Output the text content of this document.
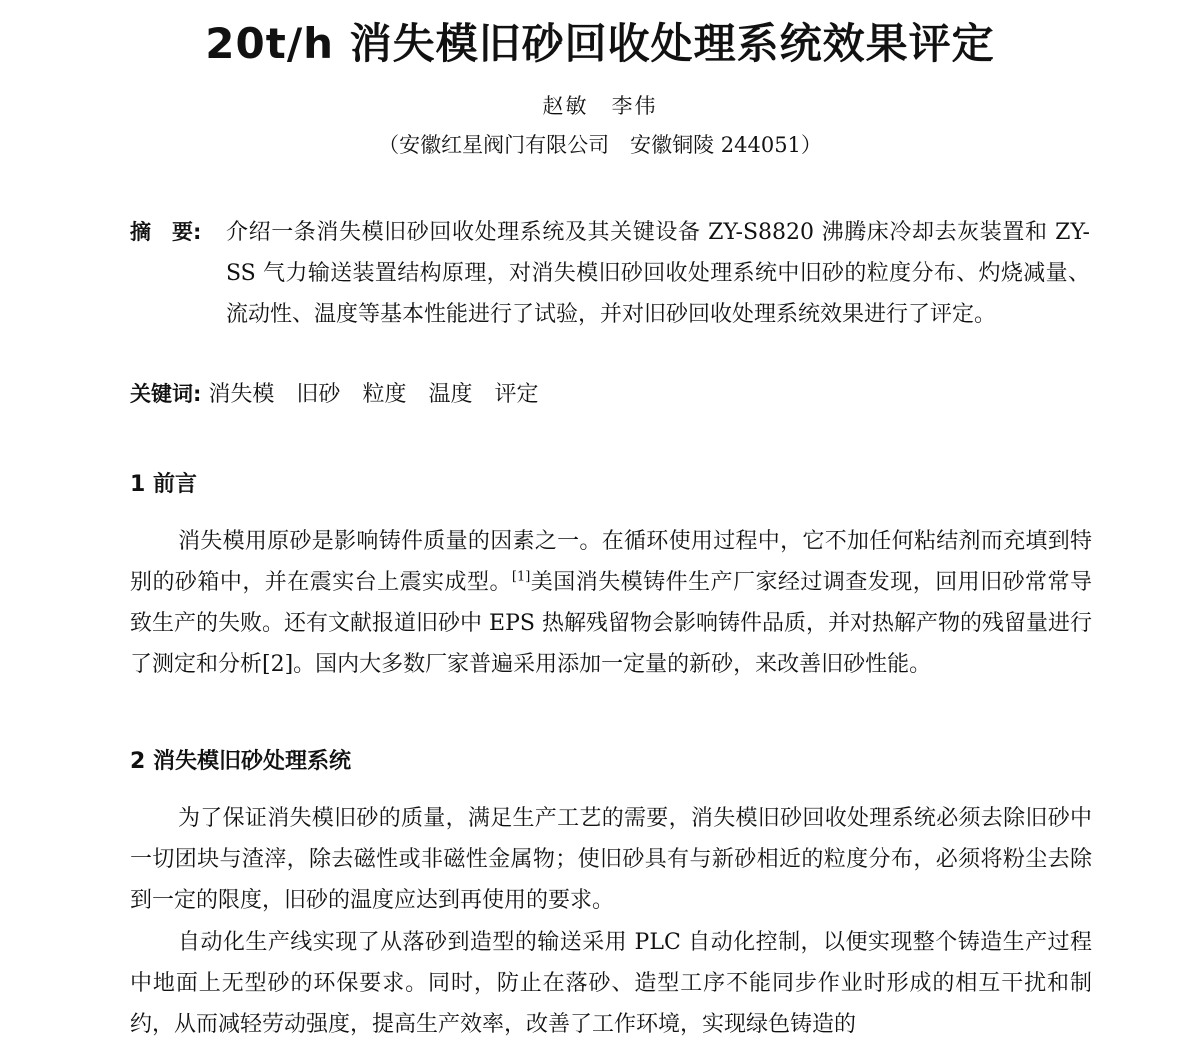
20t/h 消失模旧砂回收处理系统效果评定
赵敏　李伟
（安徽红星阀门有限公司　安徽铜陵 244051）
摘　要: 介绍一条消失模旧砂回收处理系统及其关键设备 ZY-S8820 沸腾床冷却去灰装置和 ZY-SS 气力输送装置结构原理，对消失模旧砂回收处理系统中旧砂的粒度分布、灼烧减量、流动性、温度等基本性能进行了试验，并对旧砂回收处理系统效果进行了评定。
关键词: 消失模 旧砂 粒度 温度 评定
1 前言
消失模用原砂是影响铸件质量的因素之一。在循环使用过程中，它不加任何粘结剂而充填到特别的砂箱中，并在震实台上震实成型。[1]美国消失模铸件生产厂家经过调查发现，回用旧砂常常导致生产的失败。还有文献报道旧砂中 EPS 热解残留物会影响铸件品质，并对热解产物的残留量进行了测定和分析[2]。国内大多数厂家普遍采用添加一定量的新砂，来改善旧砂性能。
2 消失模旧砂处理系统
为了保证消失模旧砂的质量，满足生产工艺的需要，消失模旧砂回收处理系统必须去除旧砂中一切团块与渣滓，除去磁性或非磁性金属物；使旧砂具有与新砂相近的粒度分布，必须将粉尘去除到一定的限度，旧砂的温度应达到再使用的要求。
自动化生产线实现了从落砂到造型的输送采用 PLC 自动化控制，以便实现整个铸造生产过程中地面上无型砂的环保要求。同时，防止在落砂、造型工序不能同步作业时形成的相互干扰和制约，从而减轻劳动强度，提高生产效率，改善了工作环境，实现绿色铸造的
